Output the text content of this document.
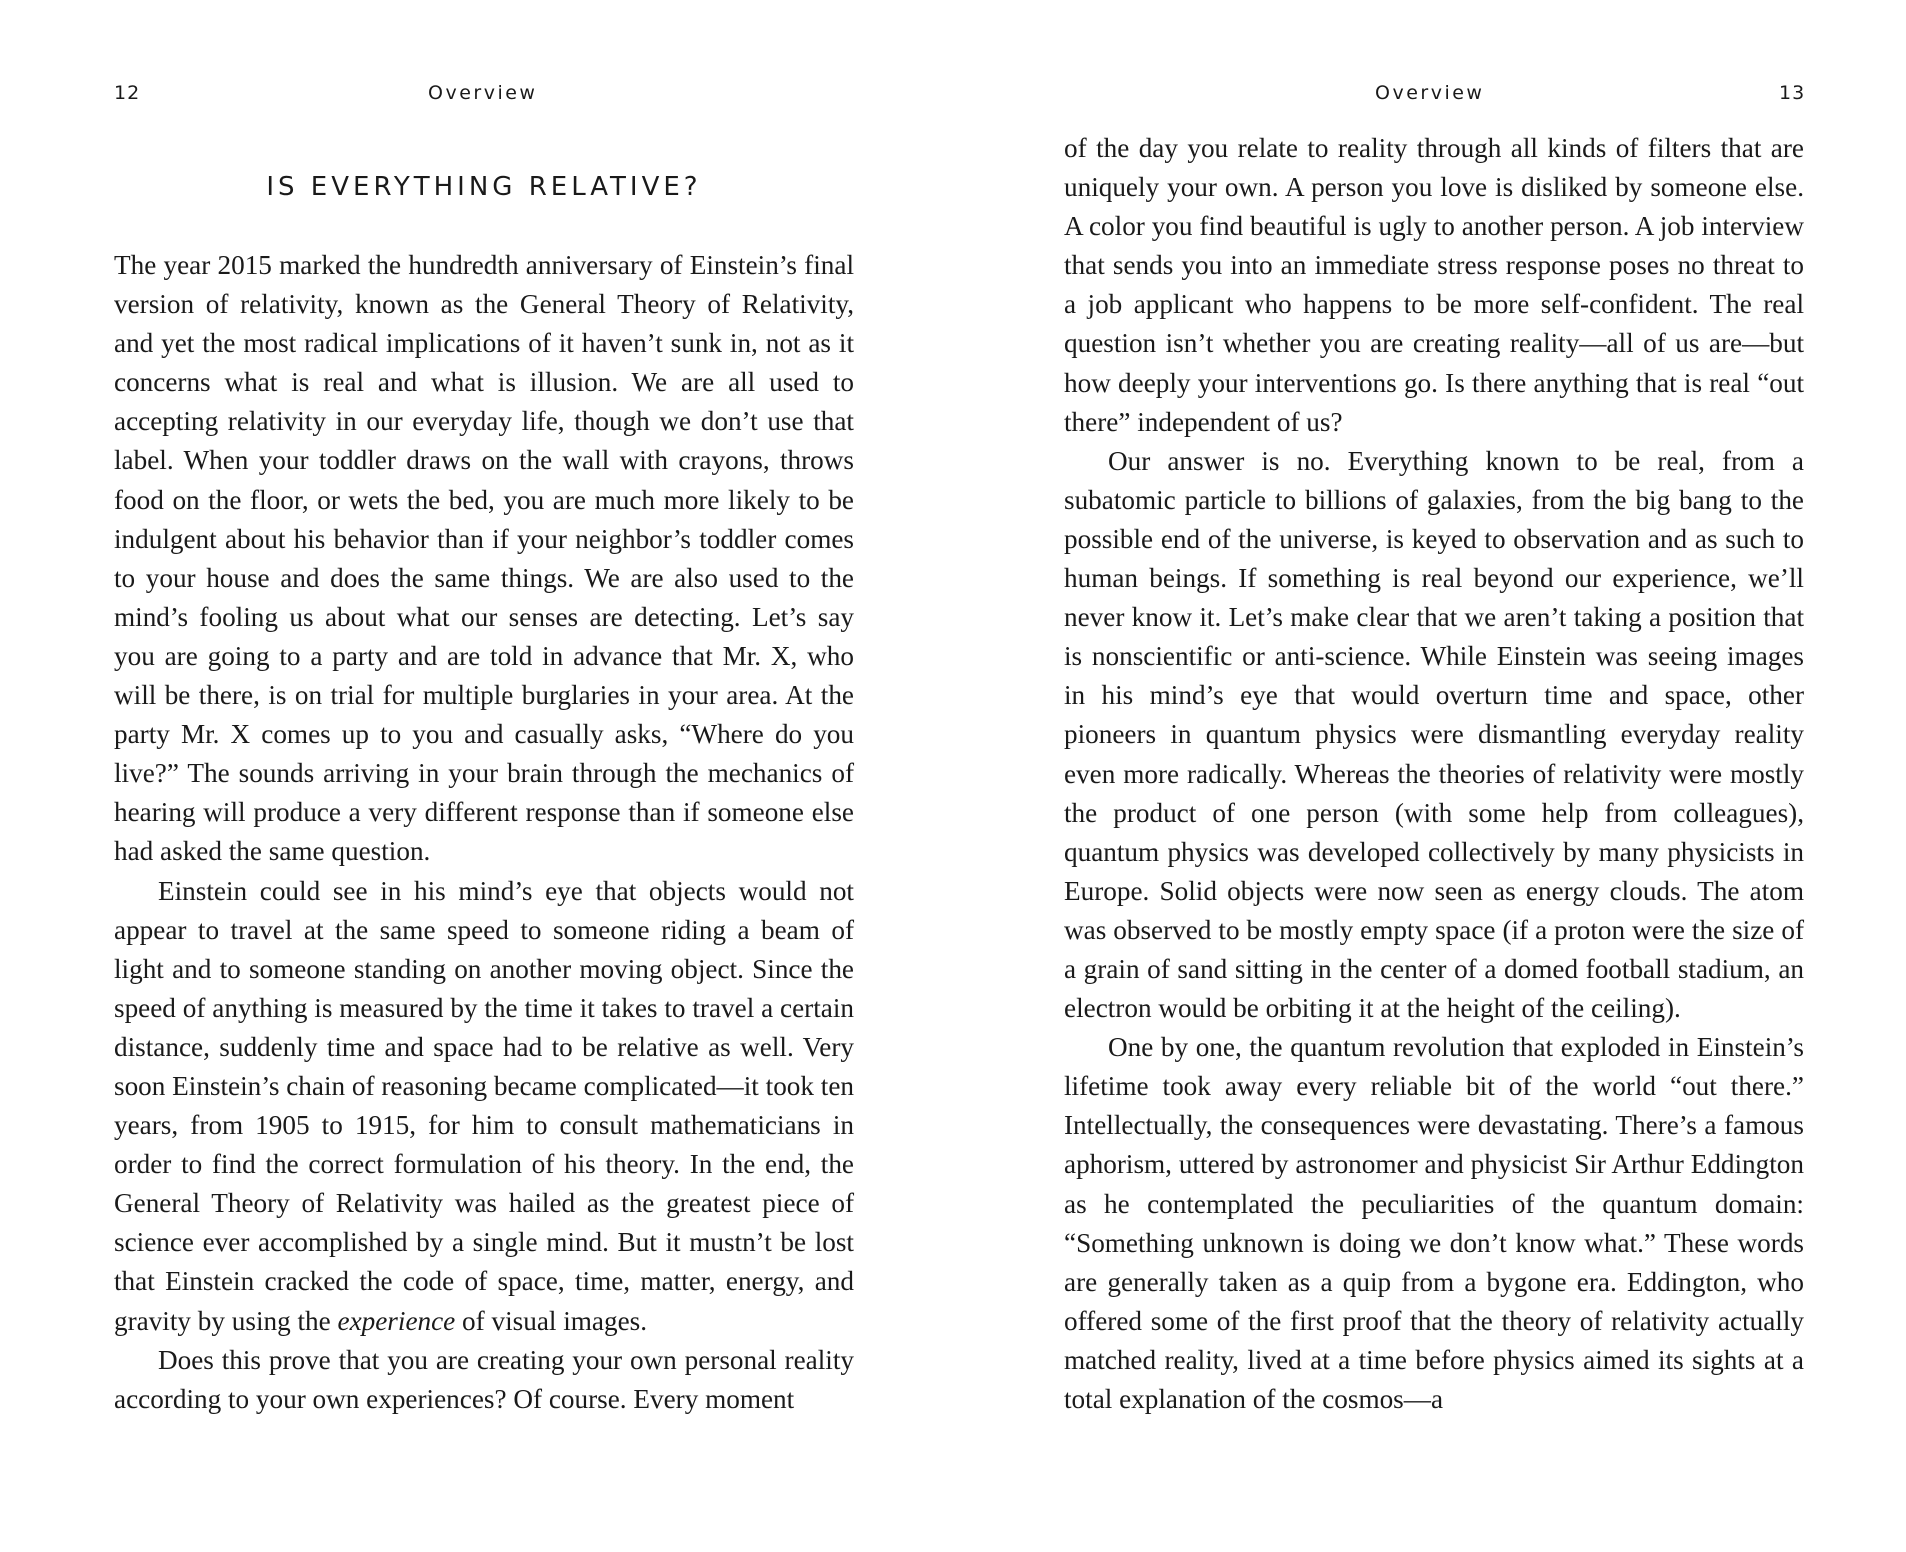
12	Overview
IS EVERYTHING RELATIVE?

The year 2015 marked the hundredth anniversary of Einstein’s final version of relativity, known as the General Theory of Relativity, and yet the most radical implications of it haven’t sunk in, not as it concerns what is real and what is illusion. We are all used to accepting relativity in our everyday life, though we don’t use that label. When your toddler draws on the wall with crayons, throws food on the floor, or wets the bed, you are much more likely to be indulgent about his behavior than if your neighbor’s toddler comes to your house and does the same things. We are also used to the mind’s fooling us about what our senses are detecting. Let’s say you are going to a party and are told in advance that Mr. X, who will be there, is on trial for multiple burglaries in your area. At the party Mr. X comes up to you and casually asks, “Where do you live?” The sounds arriving in your brain through the mechanics of hearing will produce a very different response than if someone else had asked the same question.

Einstein could see in his mind’s eye that objects would not appear to travel at the same speed to someone riding a beam of light and to someone standing on another moving object. Since the speed of anything is measured by the time it takes to travel a certain distance, suddenly time and space had to be relative as well. Very soon Einstein’s chain of reasoning became complicated—it took ten years, from 1905 to 1915, for him to consult mathematicians in order to find the correct formulation of his theory. In the end, the General Theory of Relativity was hailed as the greatest piece of science ever accomplished by a single mind. But it mustn’t be lost that Einstein cracked the code of space, time, matter, energy, and gravity by using the experience of visual images.

Does this prove that you are creating your own personal reality according to your own experiences? Of course. Every moment

Overview	13

of the day you relate to reality through all kinds of filters that are uniquely your own. A person you love is disliked by someone else. A color you find beautiful is ugly to another person. A job interview that sends you into an immediate stress response poses no threat to a job applicant who happens to be more self-confident. The real question isn’t whether you are creating reality—all of us are—but how deeply your interventions go. Is there anything that is real “out there” independent of us?

Our answer is no. Everything known to be real, from a subatomic particle to billions of galaxies, from the big bang to the possible end of the universe, is keyed to observation and as such to human beings. If something is real beyond our experience, we’ll never know it. Let’s make clear that we aren’t taking a position that is nonscientific or anti-science. While Einstein was seeing images in his mind’s eye that would overturn time and space, other pioneers in quantum physics were dismantling everyday reality even more radically. Whereas the theories of relativity were mostly the product of one person (with some help from colleagues), quantum physics was developed collectively by many physicists in Europe. Solid objects were now seen as energy clouds. The atom was observed to be mostly empty space (if a proton were the size of a grain of sand sitting in the center of a domed football stadium, an electron would be orbiting it at the height of the ceiling).

One by one, the quantum revolution that exploded in Einstein’s lifetime took away every reliable bit of the world “out there.” Intellectually, the consequences were devastating. There’s a famous aphorism, uttered by astronomer and physicist Sir Arthur Eddington as he contemplated the peculiarities of the quantum domain: “Something unknown is doing we don’t know what.” These words are generally taken as a quip from a bygone era. Eddington, who offered some of the first proof that the theory of relativity actually matched reality, lived at a time before physics aimed its sights at a total explanation of the cosmos—a
